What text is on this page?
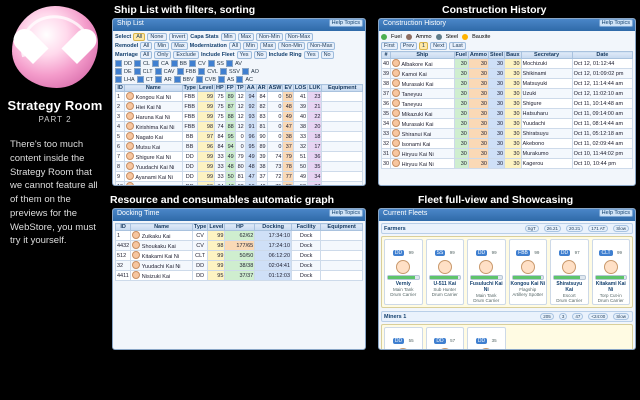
Strategy Room
PART 2
There's too much content inside the Strategy Room that we cannot feature all of them on the previews for the WebStore, you must try it yourself.
Ship List with filters, sorting	Construction History
Resource and consumables automatic graph	Fleet full-view and Showcasing
Ship List	Help Topics
Select All	None	Invert Capa Stats Min	Max	Non-Min	Non-Max
Remodel All	Min	Max Modernization All	Min	Max	Non-Min	Non-Max
Marriage All	Only	Exclude Include Fleet Yes	No Include Ring Yes	No
DD CL CA BB CV SS AV
DE CLT CAV FBB CVL SSV AO
LHA CT AR BBV CVB AS AC
ID	Name	Type	Level	HP	FP	TP	AA	AR	ASW	EV	LOS	LUK	Equipment
1	Kongou Kai Ni	FBB	99	75	89	12	94	84	0	50	41	23	
2	Hiei Kai Ni	FBB	99	75	87	12	92	82	0	48	39	21	
3	Haruna Kai Ni	FBB	99	75	88	12	93	83	0	49	40	22	
4	Kirishima Kai Ni	FBB	98	74	88	12	91	81	0	47	38	20	
5	Nagato Kai	BB	97	84	95	0	96	90	0	38	33	18	
6	Mutsu Kai	BB	96	84	94	0	95	89	0	37	32	17	
7	Shigure Kai Ni	DD	99	33	49	79	49	39	74	79	51	36	
8	Yuudachi Kai Ni	DD	99	33	48	80	48	38	73	78	50	35	
9	Ayanami Kai Ni	DD	99	33	50	81	47	37	72	77	49	34	

Construction History	Help Topics
Fuel	Ammo	Steel	Bauxite
First	Prev	1	Next	Last
#	Ship	Fuel	Ammo	Steel	Baux	Secretary	Date
40	Albakore Kai	30	30	30	30	Mochizuki	Oct 12, 01:12:44
39	Kamoi Kai	30	30	30	30	Shikinami	Oct 12, 01:09:02 pm
38	Murasaki Kai	30	30	30	30	Matsuyuki	Oct 12, 11:14:44 am
37	Taneyuu	30	30	30	30	Uzuki	Oct 12, 11:02:10 am
36	Taneyuu	30	30	30	30	Shigure	Oct 11, 10:14:48 am
35	Mikazuki Kai	30	30	30	30	Hatsuharu	Oct 11, 09:14:00 am
34	Murasaki Kai	30	30	30	30	Yuudachi	Oct 11, 08:14:44 am
33	Shiranui Kai	30	30	30	30	Shiratsuyu	Oct 11, 05:12:18 am
32	Isonami Kai	30	30	30	30	Akebono	Oct 11, 02:09:44 am
31	Hiryuu Kai Ni	30	30	30	30	Murakumo	Oct 10, 11:44:02 pm
30	Hiryuu Kai Ni	30	30	30	30	Kagerou	Oct 10, 10:44 pm
Docking Time	Help Topics
ID	Name	Type	Level	HP	Docking	Facility	Equipment
1	Zuikaku Kai	CV	99	62/62	17:34:10	Dock	
4432	Shoukaku Kai	CV	98	177/65	17:24:10	Dock	
512	Kitakami Kai Ni	CLT	99	50/50	06:12:20	Dock	
32	Yuudachi Kai Ni	DD	99	38/38	02:04:41	Dock	
4411	Nisizuki Kai	DD	95	37/37	01:12:03	Dock	
Current Fleets	Help Topics
Farmers	SgT	26.21	20.21	171 AT	Slow
DD 99
Verniy
Main Tank
Drum Carrier
SS 99
U-511 Kai
Sub Hunter
Drum Carrier
DD 99
Fusuluchi Kai Ni
Main Tank
Drum Carrier
FBB 99
Kongou Kai Ni
Flagship
Artillery Spotter
DD 97
Shiratsuyu Kai
Escort
Drum Carrier
CLT 99
Kitakami Kai Ni
Torp Cut-in
Drum Carrier
Miners 1	205	3	47	<24:00	Slow
DD 55	DD 57	DD 35
